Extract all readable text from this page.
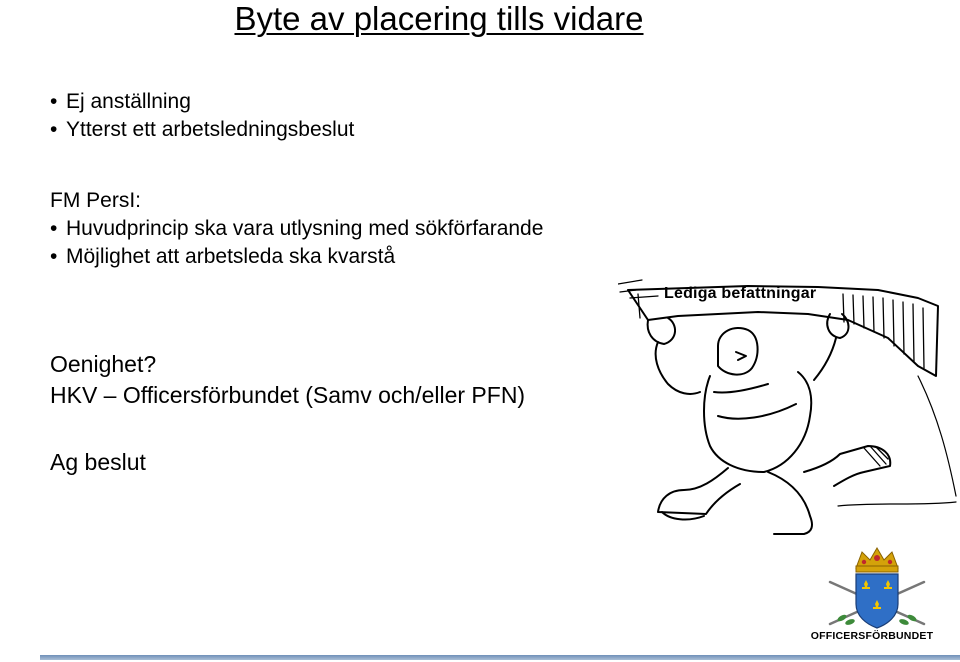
Byte av placering tills vidare
• Ej anställning
• Ytterst ett arbetsledningsbeslut
FM PersI:
• Huvudprincip ska vara utlysning med sökförfarande
• Möjlighet att arbetsleda ska kvarstå
Oenighet?
HKV – Officersförbundet (Samv och/eller PFN)
Ag beslut
Lediga befattningar
OFFICERSFÖRBUNDET
